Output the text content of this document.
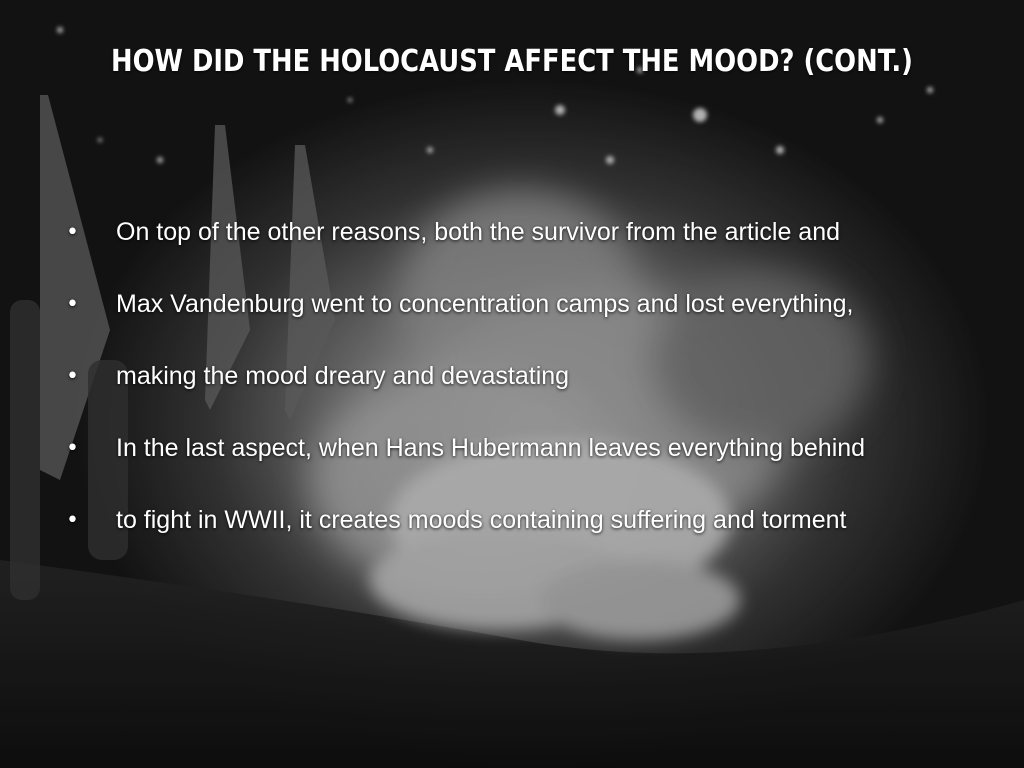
HOW DID THE HOLOCAUST AFFECT THE MOOD? (CONT.)
•	On top of the other reasons, both the survivor from the article and
•	Max Vandenburg went to concentration camps and lost everything,
•	making the mood dreary and devastating
•	In the last aspect, when Hans Hubermann leaves everything behind
•	to fight in WWII, it creates moods containing suffering and torment
